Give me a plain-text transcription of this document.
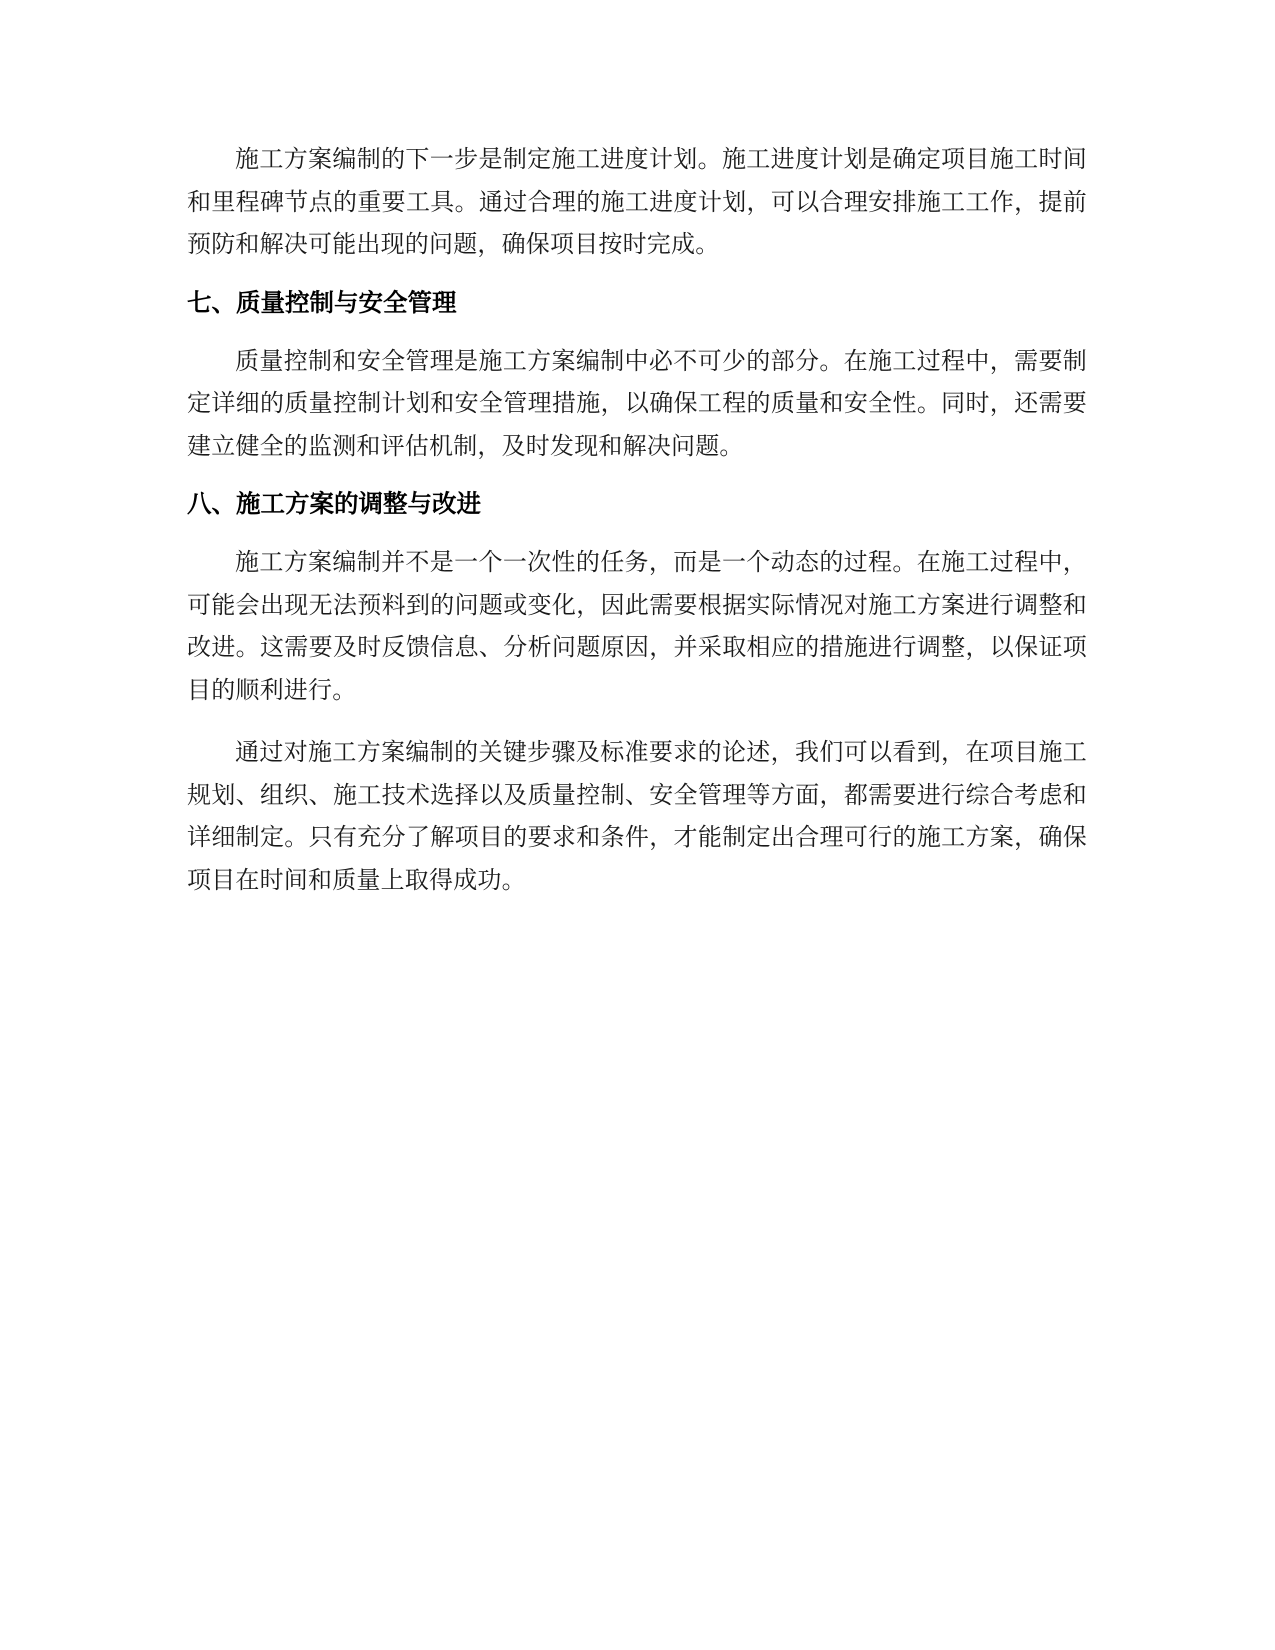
施工方案编制的下一步是制定施工进度计划。施工进度计划是确定项目施工时间和里程碑节点的重要工具。通过合理的施工进度计划，可以合理安排施工工作，提前预防和解决可能出现的问题，确保项目按时完成。

七、质量控制与安全管理

质量控制和安全管理是施工方案编制中必不可少的部分。在施工过程中，需要制定详细的质量控制计划和安全管理措施，以确保工程的质量和安全性。同时，还需要建立健全的监测和评估机制，及时发现和解决问题。

八、施工方案的调整与改进

施工方案编制并不是一个一次性的任务，而是一个动态的过程。在施工过程中，可能会出现无法预料到的问题或变化，因此需要根据实际情况对施工方案进行调整和改进。这需要及时反馈信息、分析问题原因，并采取相应的措施进行调整，以保证项目的顺利进行。

通过对施工方案编制的关键步骤及标准要求的论述，我们可以看到，在项目施工规划、组织、施工技术选择以及质量控制、安全管理等方面，都需要进行综合考虑和详细制定。只有充分了解项目的要求和条件，才能制定出合理可行的施工方案，确保项目在时间和质量上取得成功。
